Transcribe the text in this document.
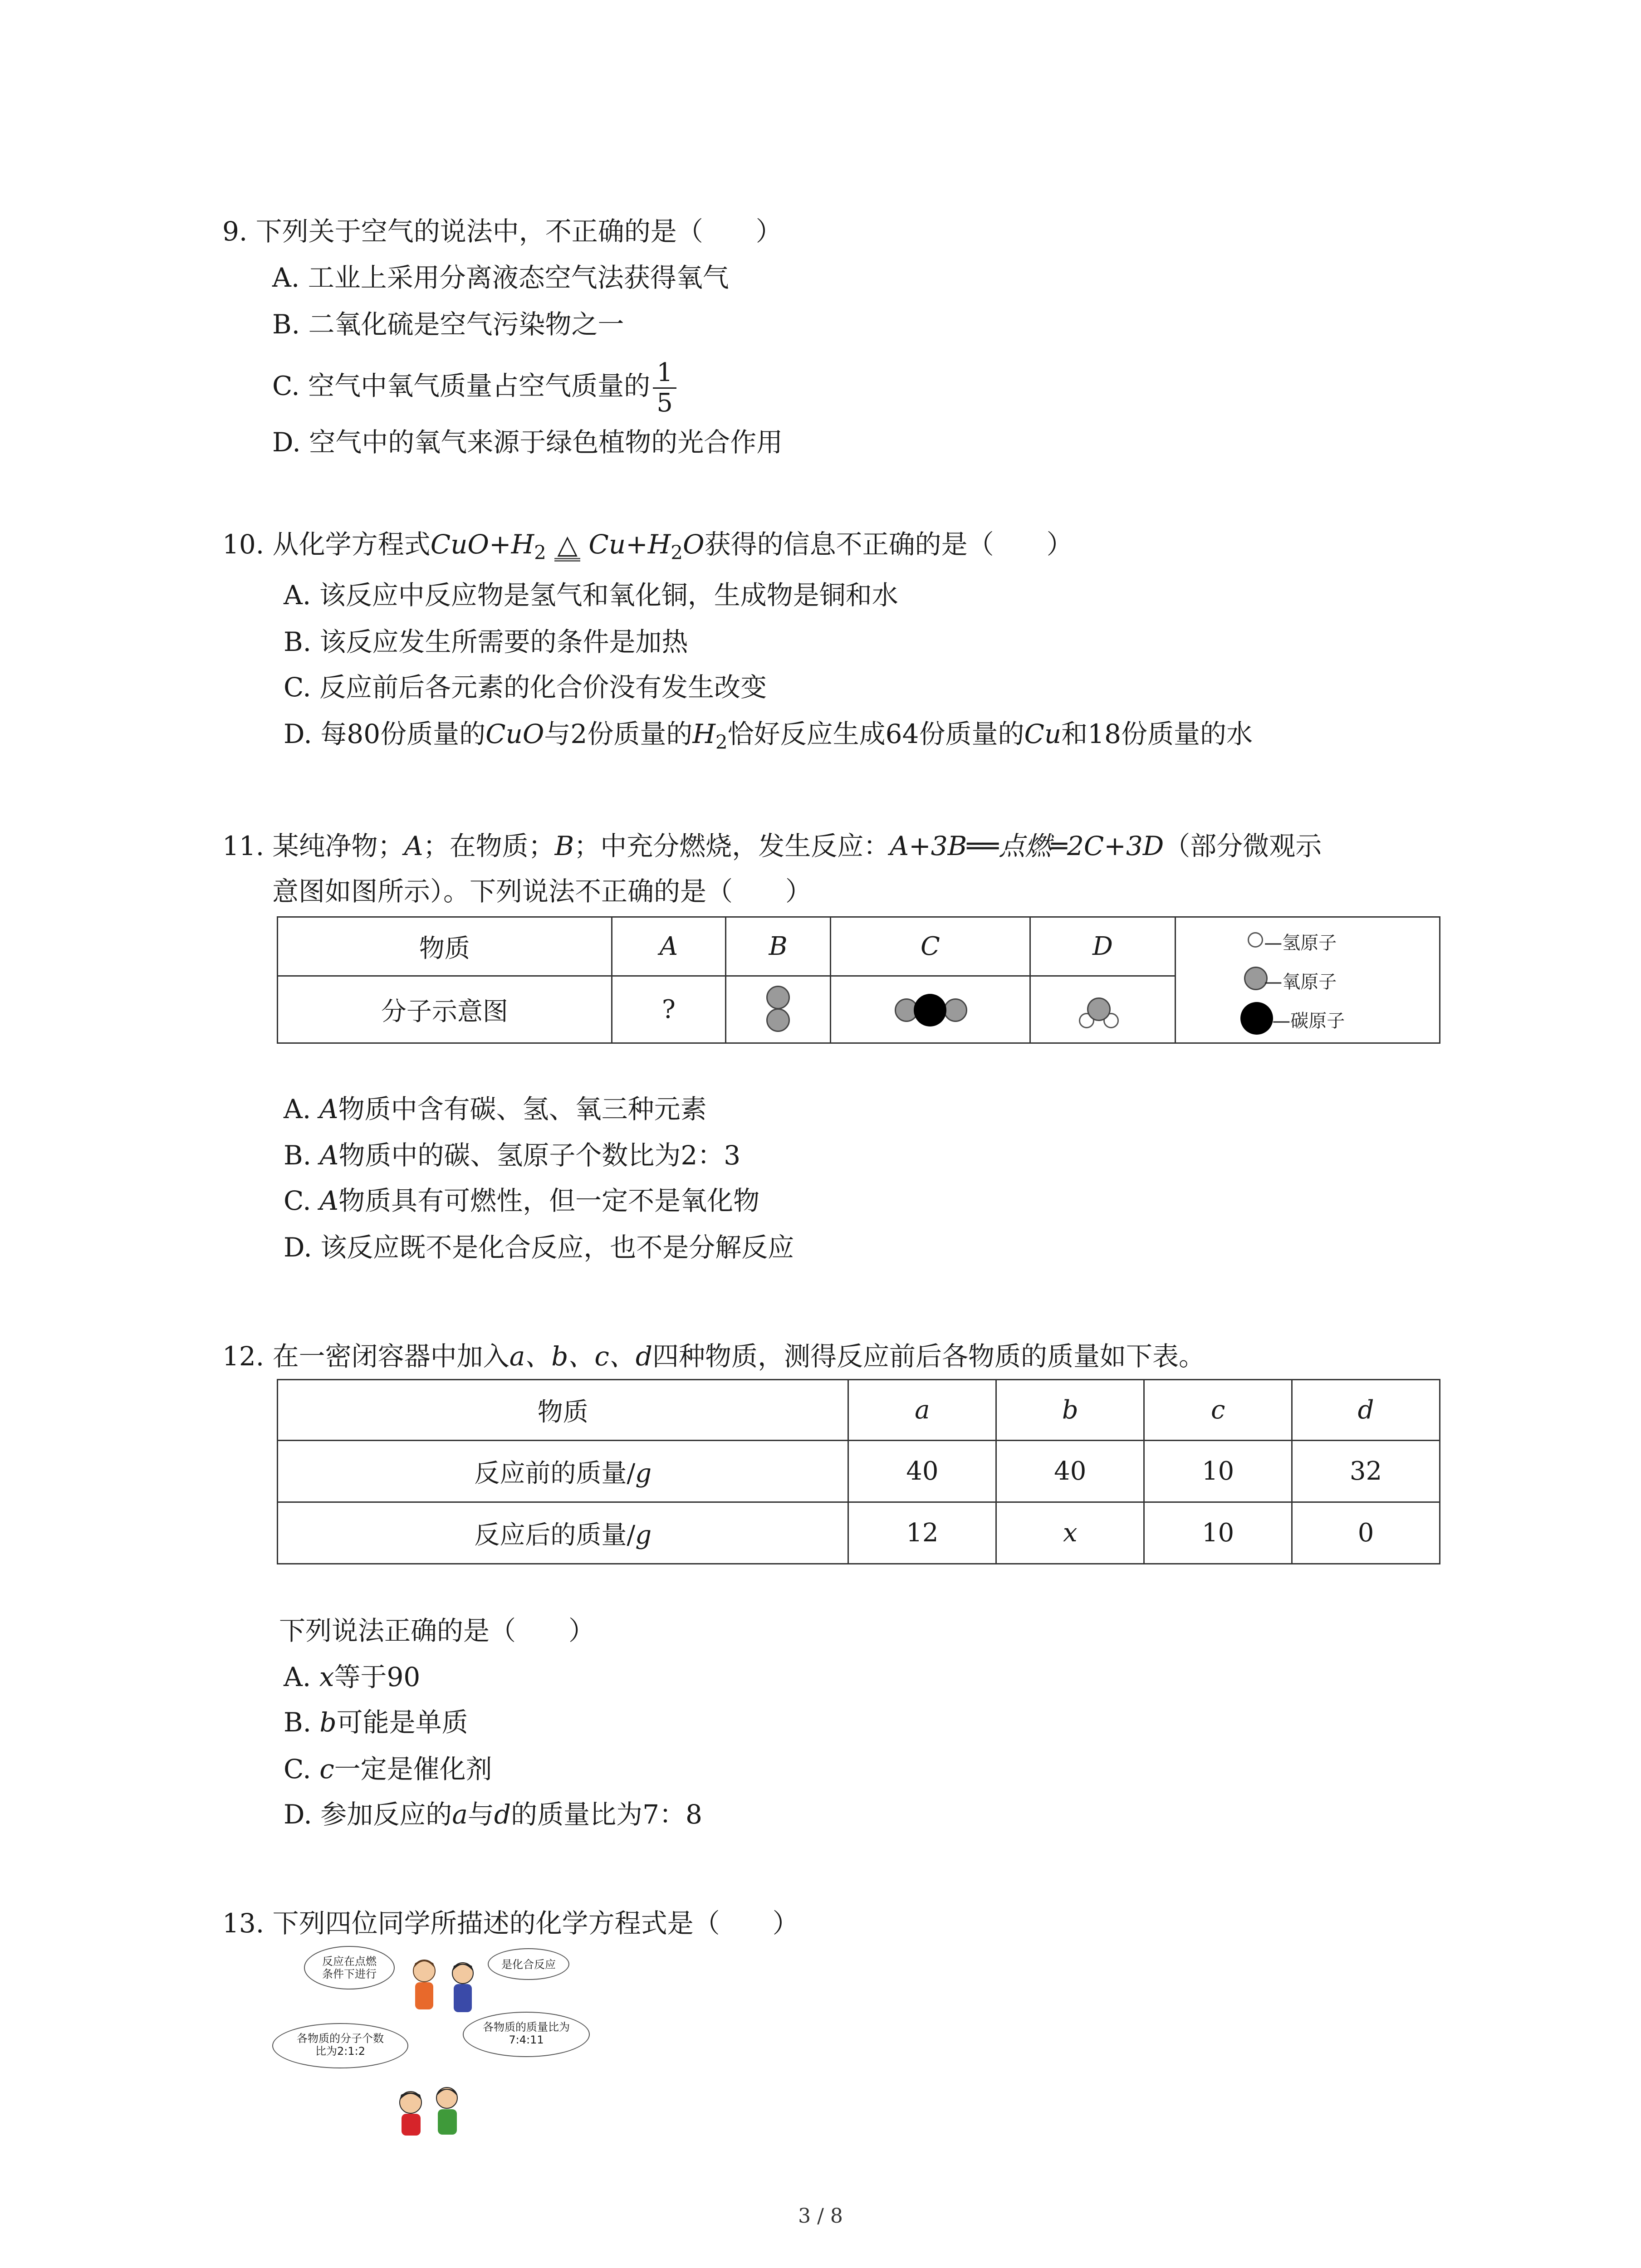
9. 下列关于空气的说法中，不正确的是（　　）
A. 工业上采用分离液态空气法获得氧气
B. 二氧化硫是空气污染物之一
C. 空气中氧气质量占空气质量的 $\frac{1}{5}$
D. 空气中的氧气来源于绿色植物的光合作用
10. 从化学方程式$CuO+H_2$ △ $Cu+H_2O$获得的信息不正确的是（　　）
A. 该反应中反应物是氢气和氧化铜，生成物是铜和水
B. 该反应发生所需要的条件是加热
C. 反应前后各元素的化合价没有发生改变
D. 每80份质量的CuO与2份质量的$H_2$恰好反应生成64份质量的Cu和18份质量的水
11. 某纯净物；A；在物质；B；中充分燃烧，发生反应：A+3B══点燃═2C+3D（部分微观示
意图如图所示）。下列说法不正确的是（　　）
物质	A	B	C	D	—氢原子
—氧原子
—碳原子

分子示意图	?		

A. A物质中含有碳、氢、氧三种元素
B. A物质中的碳、氢原子个数比为2：3
C. A物质具有可燃性，但一定不是氧化物
D. 该反应既不是化合反应，也不是分解反应
12. 在一密闭容器中加入a、b、c、d四种物质，测得反应前后各物质的质量如下表。
物质	a	b	c	d
反应前的质量/g	40	40	10	32
反应后的质量/g	12	x	10	0
下列说法正确的是（　　）
A. x等于90
B. b可能是单质
C. c一定是催化剂
D. 参加反应的a与d的质量比为7：8
13. 下列四位同学所描述的化学方程式是（　　）
反应在点燃
条件下进行
是化合反应
各物质的分子个数
比为2:1:2
各物质的质量比为
7:4:11
3 / 8
